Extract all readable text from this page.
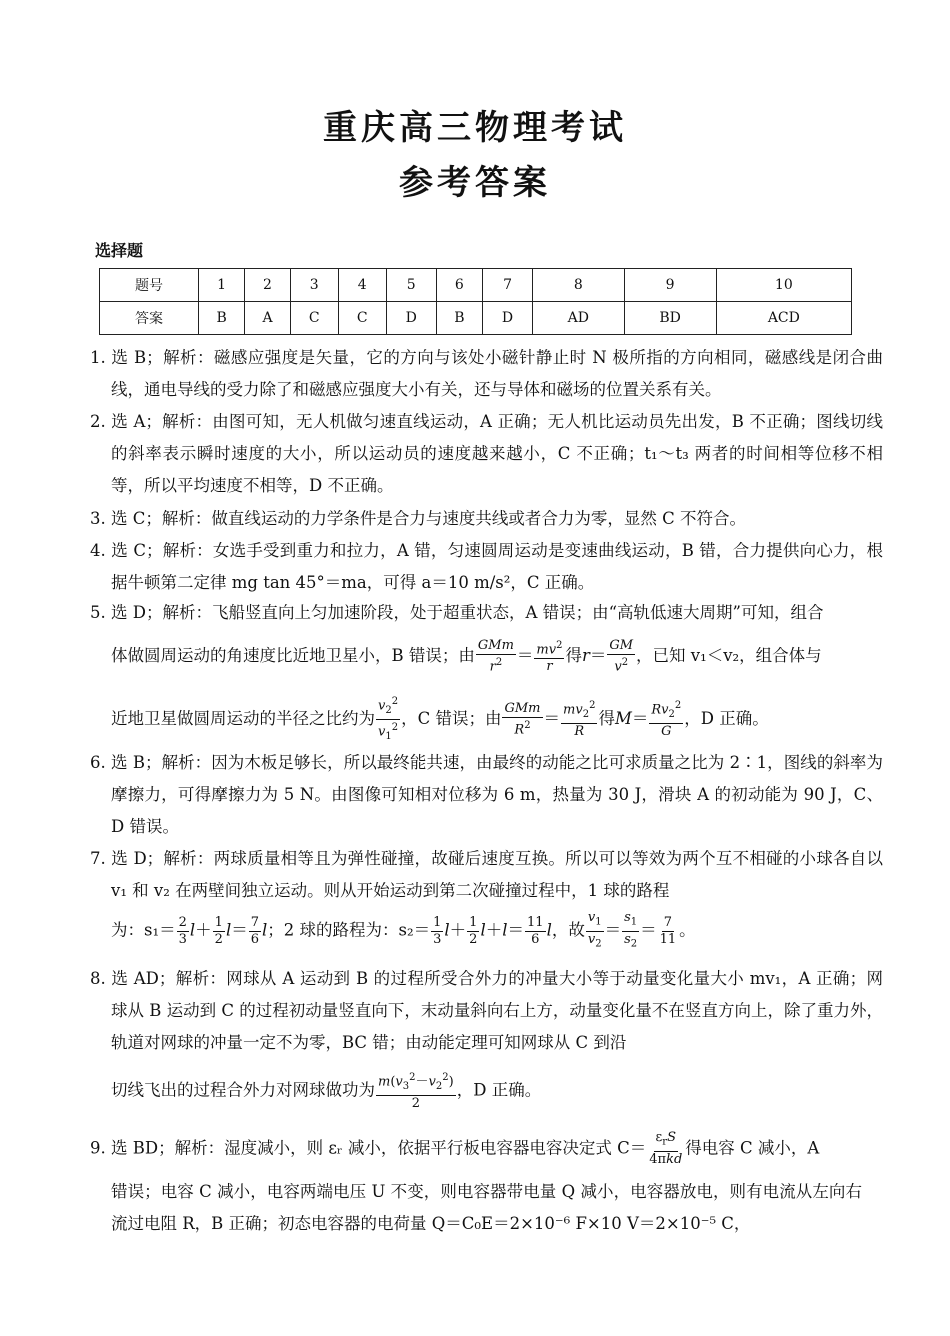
重庆高三物理考试
参考答案
选择题
题号	1	2	3	4	5	6	7	8	9	10
答案	B	A	C	C	D	B	D	AD	BD	ACD
1. 选 B；解析：磁感应强度是矢量，它的方向与该处小磁针静止时 N 极所指的方向相同，磁感线是闭合曲线，通电导线的受力除了和磁感应强度大小有关，还与导体和磁场的位置关系有关。
2. 选 A；解析：由图可知，无人机做匀速直线运动，A 正确；无人机比运动员先出发，B 不正确；图线切线的斜率表示瞬时速度的大小，所以运动员的速度越来越小，C 不正确；t₁～t₃ 两者的时间相等位移不相等，所以平均速度不相等，D 不正确。
3. 选 C；解析：做直线运动的力学条件是合力与速度共线或者合力为零，显然 C 不符合。
4. 选 C；解析：女选手受到重力和拉力，A 错，匀速圆周运动是变速曲线运动，B 错，合力提供向心力，根据牛顿第二定律 mg tan 45°＝ma，可得 a＝10 m/s²，C 正确。
5. 选 D；解析：飞船竖直向上匀加速阶段，处于超重状态，A 错误；由“高轨低速大周期”可知，组合
体做圆周运动的角速度比近地卫星小，B 错误；由 $\frac{\text{GMm}}{r^2} = \frac{mv^2}{r}$ 得$r= \frac{GM}{v^2}$ ，已知 v₁＜v₂，组合体与
近地卫星做圆周运动的半径之比约为 $\frac{v_2^2}{v_1^2}$ ，C 错误；由 $\frac{\text{GMm}}{R^2} = \frac{mv_2^2}{R}$ 得$M= \frac{Rv_2^2}{G}$ ，D 正确。
6. 选 B；解析：因为木板足够长，所以最终能共速，由最终的动能之比可求质量之比为 2∶1，图线的斜率为摩擦力，可得摩擦力为 5 N。由图像可知相对位移为 6 m，热量为 30 J，滑块 A 的初动能为 90 J，C、D 错误。
7. 选 D；解析：两球质量相等且为弹性碰撞，故碰后速度互换。所以可以等效为两个互不相碰的小球各自以 v₁ 和 v₂ 在两壁间独立运动。则从开始运动到第二次碰撞过程中，1 球的路程
为：$s_1= \frac{2}{3} l+ \frac{1}{2} l= \frac{7}{6}$ l；2 球的路程为：$s_2= \frac{1}{3} l+ \frac{1}{2} l+l= \frac{11}{6}$ l，故 $\frac{v_1}{v_2} = \frac{s_1}{s_2} = \frac{7}{11}$ 。
8. 选 AD；解析：网球从 A 运动到 B 的过程所受合外力的冲量大小等于动量变化量大小 mv₁，A 正确；网球从 B 运动到 C 的过程初动量竖直向下，末动量斜向右上方，动量变化量不在竖直方向上，除了重力外，轨道对网球的冲量一定不为零，BC 错；由动能定理可知网球从 C 到沿
切线飞出的过程合外力对网球做功为 $\frac{m(v_3^2-v_2^2)}{2}$ ，D 正确。
9. 选 BD；解析：湿度减小，则 εᵣ 减小，依据平行板电容器电容决定式 $C= \frac{\varepsilon_rS}{\text{4πkd}}$ 得电容 C 减小，A
错误；电容 C 减小，电容两端电压 U 不变，则电容器带电量 Q 减小，电容器放电，则有电流从左向右流过电阻 R，B 正确；初态电容器的电荷量 Q＝C₀E＝2×10⁻⁶ F×10 V＝2×10⁻⁵ C，
